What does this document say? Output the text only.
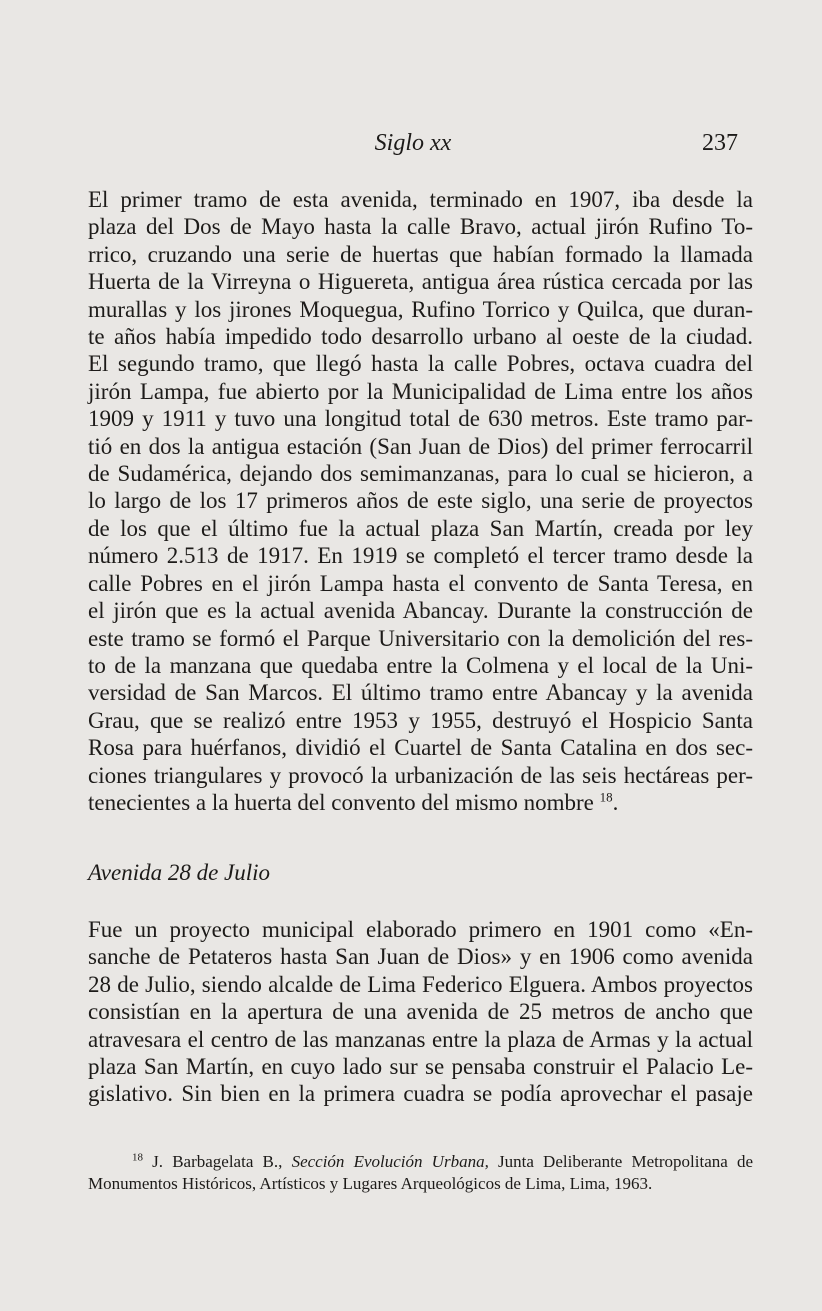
Siglo xx	237

El primer tramo de esta avenida, terminado en 1907, iba desde la
plaza del Dos de Mayo hasta la calle Bravo, actual jirón Rufino To-
rrico, cruzando una serie de huertas que habían formado la llamada
Huerta de la Virreyna o Higuereta, antigua área rústica cercada por las
murallas y los jirones Moquegua, Rufino Torrico y Quilca, que duran-
te años había impedido todo desarrollo urbano al oeste de la ciudad.
El segundo tramo, que llegó hasta la calle Pobres, octava cuadra del
jirón Lampa, fue abierto por la Municipalidad de Lima entre los años
1909 y 1911 y tuvo una longitud total de 630 metros. Este tramo par-
tió en dos la antigua estación (San Juan de Dios) del primer ferrocarril
de Sudamérica, dejando dos semimanzanas, para lo cual se hicieron, a
lo largo de los 17 primeros años de este siglo, una serie de proyectos
de los que el último fue la actual plaza San Martín, creada por ley
número 2.513 de 1917. En 1919 se completó el tercer tramo desde la
calle Pobres en el jirón Lampa hasta el convento de Santa Teresa, en
el jirón que es la actual avenida Abancay. Durante la construcción de
este tramo se formó el Parque Universitario con la demolición del res-
to de la manzana que quedaba entre la Colmena y el local de la Uni-
versidad de San Marcos. El último tramo entre Abancay y la avenida
Grau, que se realizó entre 1953 y 1955, destruyó el Hospicio Santa
Rosa para huérfanos, dividió el Cuartel de Santa Catalina en dos sec-
ciones triangulares y provocó la urbanización de las seis hectáreas per-
tenecientes a la huerta del convento del mismo nombre $^{18}$.

Avenida 28 de Julio

Fue un proyecto municipal elaborado primero en 1901 como «En-
sanche de Petateros hasta San Juan de Dios» y en 1906 como avenida
28 de Julio, siendo alcalde de Lima Federico Elguera. Ambos proyectos
consistían en la apertura de una avenida de 25 metros de ancho que
atravesara el centro de las manzanas entre la plaza de Armas y la actual
plaza San Martín, en cuyo lado sur se pensaba construir el Palacio Le-
gislativo. Sin bien en la primera cuadra se podía aprovechar el pasaje

$^{18}$ J. Barbagelata B., Sección Evolución Urbana, Junta Deliberante Metropolitana de
Monumentos Históricos, Artísticos y Lugares Arqueológicos de Lima, Lima, 1963.
